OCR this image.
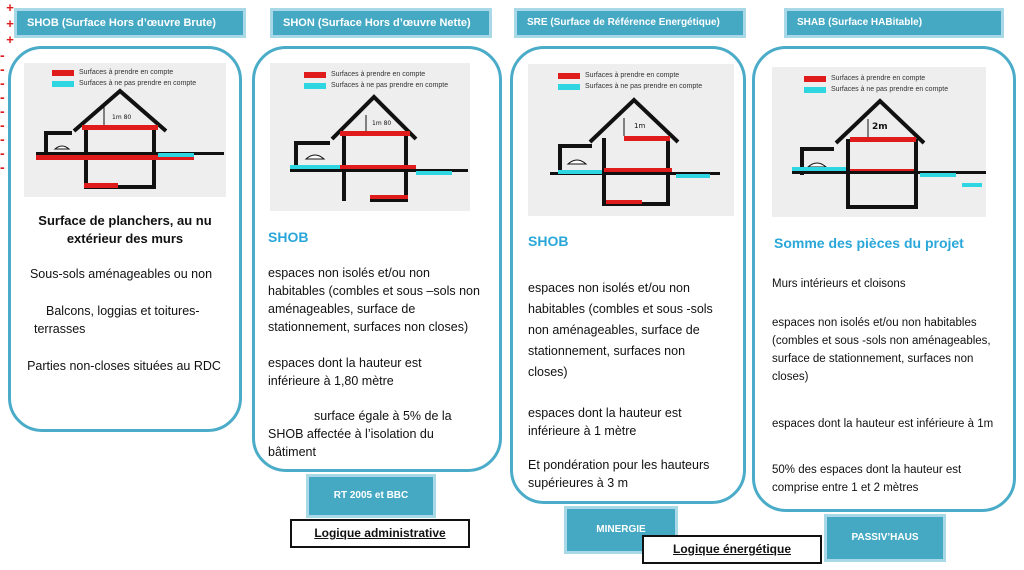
SHOB (Surface Hors d’œuvre Brute)
Surfaces à prendre en compte
Surfaces à ne pas prendre en compte
1m 80
Surface de planchers, au nu extérieur des murs
+
Sous-sols aménageables ou non
+
Balcons, loggias et toitures-terrasses
+
Parties non-closes situées au RDC
SHON (Surface Hors d’œuvre Nette)
Surfaces à prendre en compte
Surfaces à ne pas prendre en compte
1m 80
SHOB
-
espaces non isolés et/ou non habitables (combles et sous –sols non aménageables, surface de stationnement, surfaces non closes)
-
espaces dont la hauteur est inférieure à 1,80 mètre
-
surface égale à 5% de la SHOB affectée à l’isolation du bâtiment
SRE (Surface de Référence Energétique)
Surfaces à prendre en compte
Surfaces à ne pas prendre en compte
1m
SHOB
-
espaces non isolés et/ou non habitables (combles et sous -sols non aménageables, surface de stationnement, surfaces non closes)
-
espaces dont la hauteur est inférieure à 1 mètre
Et pondération pour les hauteurs supérieures à 3 m
SHAB (Surface HABitable)
Surfaces à prendre en compte
Surfaces à ne pas prendre en compte
2m
Somme des pièces du projet
-
Murs intérieurs et cloisons
-
espaces non isolés et/ou non habitables (combles et sous -sols non aménageables, surface de stationnement, surfaces non closes)
-
espaces dont la hauteur est inférieure à 1m
-
50% des espaces dont la hauteur est comprise entre 1 et 2 mètres
RT 2005 et BBC
MINERGIE
PASSIV’HAUS
Logique administrative
Logique énergétique
